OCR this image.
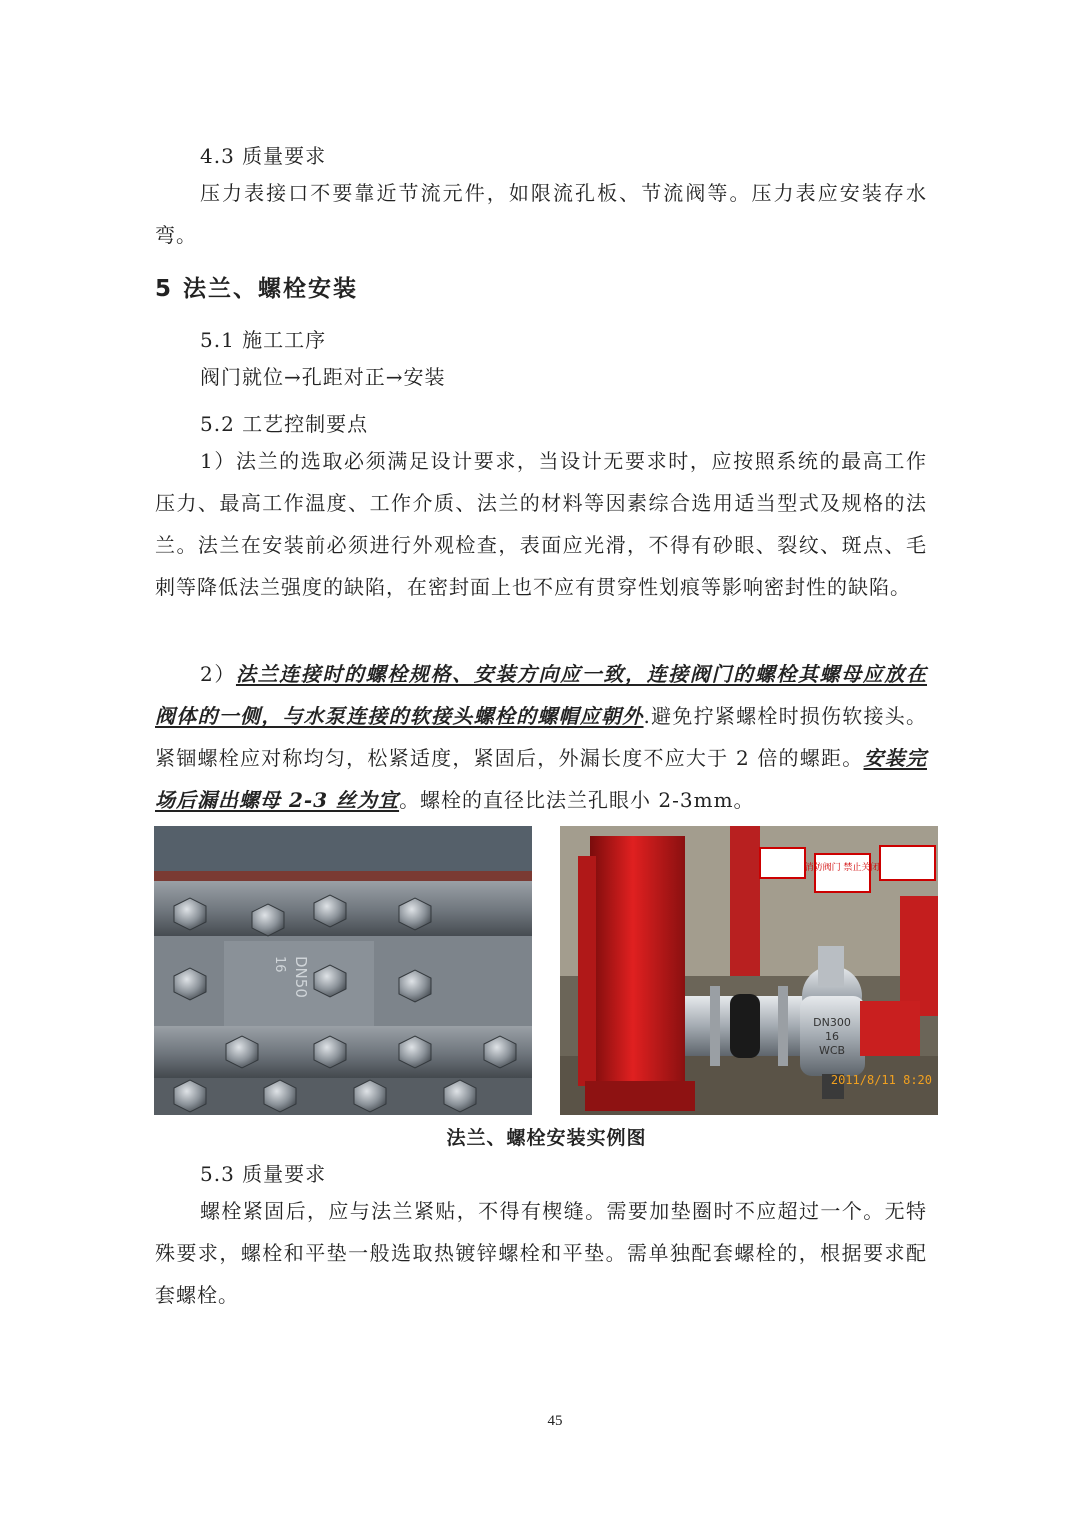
4.3 质量要求
压力表接口不要靠近节流元件，如限流孔板、节流阀等。压力表应安装存水弯。
5 法兰、螺栓安装
5.1 施工工序
阀门就位→孔距对正→安装
5.2 工艺控制要点
1）法兰的选取必须满足设计要求，当设计无要求时，应按照系统的最高工作压力、最高工作温度、工作介质、法兰的材料等因素综合选用适当型式及规格的法兰。法兰在安装前必须进行外观检查，表面应光滑，不得有砂眼、裂纹、斑点、毛刺等降低法兰强度的缺陷，在密封面上也不应有贯穿性划痕等影响密封性的缺陷。
2）法兰连接时的螺栓规格、安装方向应一致，连接阀门的螺栓其螺母应放在阀体的一侧，与水泵连接的软接头螺栓的螺帽应朝外.避免拧紧螺栓时损伤软接头。紧锢螺栓应对称均匀，松紧适度，紧固后，外漏长度不应大于 2 倍的螺距。安装完场后漏出螺母 2-3 丝为宜。螺栓的直径比法兰孔眼小 2-3mm。
DN50
16
消防阀门 禁止关闭
DN300
16
WCB
2011/8/11 8:20
法兰、螺栓安装实例图
5.3 质量要求
螺栓紧固后，应与法兰紧贴，不得有楔缝。需要加垫圈时不应超过一个。无特殊要求，螺栓和平垫一般选取热镀锌螺栓和平垫。需单独配套螺栓的，根据要求配套螺栓。
45
